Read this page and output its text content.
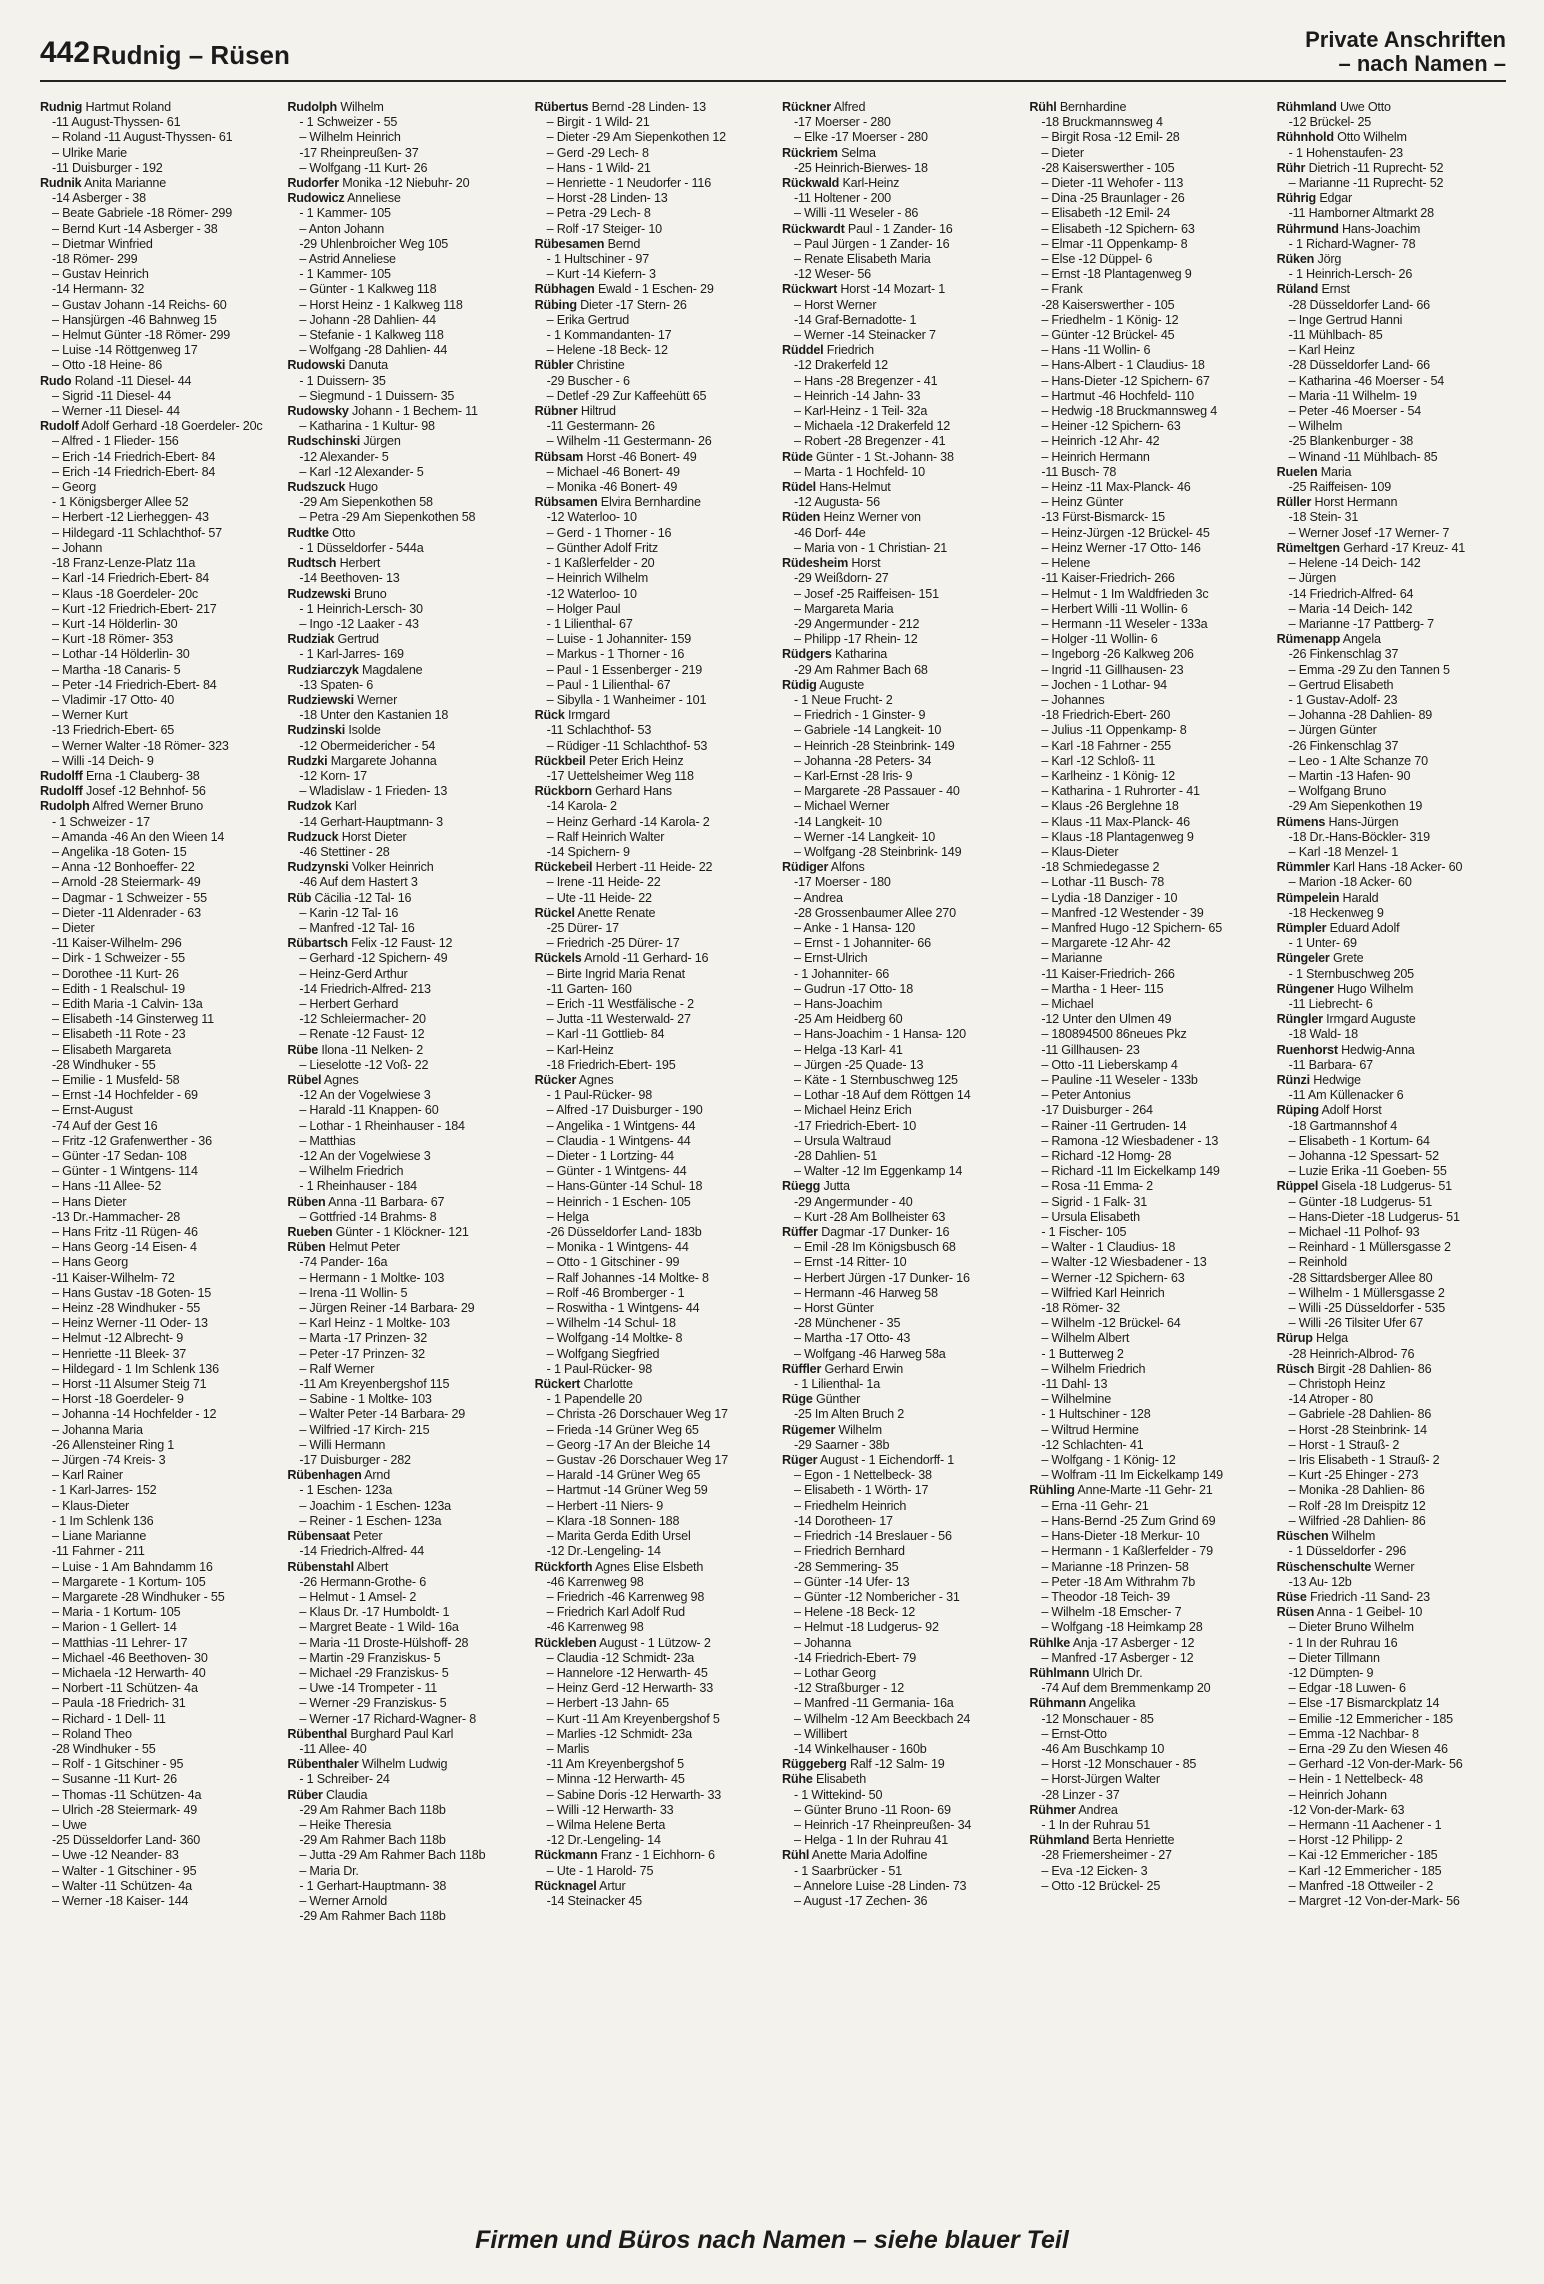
442 Rudnig – Rüsen
Private Anschriften
– nach Namen –
Rudnig Hartmut Roland
-11 August-Thyssen- 61
– Roland -11 August-Thyssen- 61
– Ulrike Marie
-11 Duisburger - 192
Rudnik Anita Marianne
-14 Asberger - 38
– Beate Gabriele -18 Römer- 299
– Bernd Kurt -14 Asberger - 38
– Dietmar Winfried
-18 Römer- 299
– Gustav Heinrich
-14 Hermann- 32
– Gustav Johann -14 Reichs- 60
– Hansjürgen -46 Bahnweg 15
– Helmut Günter -18 Römer- 299
– Luise -14 Röttgenweg 17
– Otto -18 Heine- 86
Rudo Roland -11 Diesel- 44
– Sigrid -11 Diesel- 44
– Werner -11 Diesel- 44
Rudolf Adolf Gerhard -18 Goerdeler- 20c
– Alfred - 1 Flieder- 156
– Erich -14 Friedrich-Ebert- 84
– Erich -14 Friedrich-Ebert- 84
– Georg
- 1 Königsberger Allee 52
– Herbert -12 Lierheggen- 43
– Hildegard -11 Schlachthof- 57
– Johann
-18 Franz-Lenze-Platz 11a
– Karl -14 Friedrich-Ebert- 84
– Klaus -18 Goerdeler- 20c
– Kurt -12 Friedrich-Ebert- 217
– Kurt -14 Hölderlin- 30
– Kurt -18 Römer- 353
– Lothar -14 Hölderlin- 30
– Martha -18 Canaris- 5
– Peter -14 Friedrich-Ebert- 84
– Vladimir -17 Otto- 40
– Werner Kurt
-13 Friedrich-Ebert- 65
– Werner Walter -18 Römer- 323
– Willi -14 Deich- 9
Rudolff Erna -1 Clauberg- 38
Rudolff Josef -12 Behnhof- 56
Rudolph Alfred Werner Bruno
- 1 Schweizer - 17
– Amanda -46 An den Wieen 14
– Angelika -18 Goten- 15
– Anna -12 Bonhoeffer- 22
– Arnold -28 Steiermark- 49
– Dagmar - 1 Schweizer - 55
– Dieter -11 Aldenrader - 63
– Dieter
-11 Kaiser-Wilhelm- 296
– Dirk - 1 Schweizer - 55
– Dorothee -11 Kurt- 26
– Edith - 1 Realschul- 19
– Edith Maria -1 Calvin- 13a
– Elisabeth -14 Ginsterweg 11
– Elisabeth -11 Rote - 23
– Elisabeth Margareta
-28 Windhuker - 55
– Emilie - 1 Musfeld- 58
– Ernst -14 Hochfelder - 69
– Ernst-August
-74 Auf der Gest 16
– Fritz -12 Grafenwerther - 36
– Günter -17 Sedan- 108
– Günter - 1 Wintgens- 114
– Hans -11 Allee- 52
– Hans Dieter
-13 Dr.-Hammacher- 28
– Hans Fritz -11 Rügen- 46
– Hans Georg -14 Eisen- 4
– Hans Georg
-11 Kaiser-Wilhelm- 72
– Hans Gustav -18 Goten- 15
– Heinz -28 Windhuker - 55
– Heinz Werner -11 Oder- 13
– Helmut -12 Albrecht- 9
– Henriette -11 Bleek- 37
– Hildegard - 1 Im Schlenk 136
– Horst -11 Alsumer Steig 71
– Horst -18 Goerdeler- 9
– Johanna -14 Hochfelder - 12
– Johanna Maria
-26 Allensteiner Ring 1
– Jürgen -74 Kreis- 3
– Karl Rainer
- 1 Karl-Jarres- 152
– Klaus-Dieter
- 1 Im Schlenk 136
– Liane Marianne
-11 Fahrner - 211
– Luise - 1 Am Bahndamm 16
– Margarete - 1 Kortum- 105
– Margarete -28 Windhuker - 55
– Maria - 1 Kortum- 105
– Marion - 1 Gellert- 14
– Matthias -11 Lehrer- 17
– Michael -46 Beethoven- 30
– Michaela -12 Herwarth- 40
– Norbert -11 Schützen- 4a
– Paula -18 Friedrich- 31
– Richard - 1 Dell- 11
– Roland Theo
-28 Windhuker - 55
– Rolf - 1 Gitschiner - 95
– Susanne -11 Kurt- 26
– Thomas -11 Schützen- 4a
– Ulrich -28 Steiermark- 49
– Uwe
-25 Düsseldorfer Land- 360
– Uwe -12 Neander- 83
– Walter - 1 Gitschiner - 95
– Walter -11 Schützen- 4a
– Werner -18 Kaiser- 144
Rudolph Wilhelm
- 1 Schweizer - 55
– Wilhelm Heinrich
-17 Rheinpreußen- 37
– Wolfgang -11 Kurt- 26
Rudorfer Monika -12 Niebuhr- 20
Rudowicz Anneliese
- 1 Kammer- 105
– Anton Johann
-29 Uhlenbroicher Weg 105
– Astrid Anneliese
- 1 Kammer- 105
– Günter - 1 Kalkweg 118
– Horst Heinz - 1 Kalkweg 118
– Johann -28 Dahlien- 44
– Stefanie - 1 Kalkweg 118
– Wolfgang -28 Dahlien- 44
Rudowski Danuta
- 1 Duissern- 35
– Siegmund - 1 Duissern- 35
Rudowsky Johann - 1 Bechem- 11
– Katharina - 1 Kultur- 98
Rudschinski Jürgen
-12 Alexander- 5
– Karl -12 Alexander- 5
Rudszuck Hugo
-29 Am Siepenkothen 58
– Petra -29 Am Siepenkothen 58
Rudtke Otto
- 1 Düsseldorfer - 544a
Rudtsch Herbert
-14 Beethoven- 13
Rudzewski Bruno
- 1 Heinrich-Lersch- 30
– Ingo -12 Laaker - 43
Rudziak Gertrud
- 1 Karl-Jarres- 169
Rudziarczyk Magdalene
-13 Spaten- 6
Rudziewski Werner
-18 Unter den Kastanien 18
Rudzinski Isolde
-12 Obermeidericher - 54
Rudzki Margarete Johanna
-12 Korn- 17
– Wladislaw - 1 Frieden- 13
Rudzok Karl
-14 Gerhart-Hauptmann- 3
Rudzuck Horst Dieter
-46 Stettiner - 28
Rudzynski Volker Heinrich
-46 Auf dem Hastert 3
Rüb Cäcilia -12 Tal- 16
– Karin -12 Tal- 16
– Manfred -12 Tal- 16
Rübartsch Felix -12 Faust- 12
– Gerhard -12 Spichern- 49
– Heinz-Gerd Arthur
-14 Friedrich-Alfred- 213
– Herbert Gerhard
-12 Schleiermacher- 20
– Renate -12 Faust- 12
Rübe Ilona -11 Nelken- 2
– Lieselotte -12 Voß- 22
Rübel Agnes
-12 An der Vogelwiese 3
– Harald -11 Knappen- 60
– Lothar - 1 Rheinhauser - 184
– Matthias
-12 An der Vogelwiese 3
– Wilhelm Friedrich
- 1 Rheinhauser - 184
Rüben Anna -11 Barbara- 67
– Gottfried -14 Brahms- 8
Rueben Günter - 1 Klöckner- 121
Rüben Helmut Peter
-74 Pander- 16a
– Hermann - 1 Moltke- 103
– Irena -11 Wollin- 5
– Jürgen Reiner -14 Barbara- 29
– Karl Heinz - 1 Moltke- 103
– Marta -17 Prinzen- 32
– Peter -17 Prinzen- 32
– Ralf Werner
-11 Am Kreyenbergshof 115
– Sabine - 1 Moltke- 103
– Walter Peter -14 Barbara- 29
– Wilfried -17 Kirch- 215
– Willi Hermann
-17 Duisburger - 282
Rübenhagen Arnd
- 1 Eschen- 123a
– Joachim - 1 Eschen- 123a
– Reiner - 1 Eschen- 123a
Rübensaat Peter
-14 Friedrich-Alfred- 44
Rübenstahl Albert
-26 Hermann-Grothe- 6
– Helmut - 1 Amsel- 2
– Klaus Dr. -17 Humboldt- 1
– Margret Beate - 1 Wild- 16a
– Maria -11 Droste-Hülshoff- 28
– Martin -29 Franziskus- 5
– Michael -29 Franziskus- 5
– Uwe -14 Trompeter - 11
– Werner -29 Franziskus- 5
– Werner -17 Richard-Wagner- 8
Rübenthal Burghard Paul Karl
-11 Allee- 40
Rübenthaler Wilhelm Ludwig
- 1 Schreiber- 24
Rüber Claudia
-29 Am Rahmer Bach 118b
– Heike Theresia
-29 Am Rahmer Bach 118b
– Jutta -29 Am Rahmer Bach 118b
– Maria Dr.
- 1 Gerhart-Hauptmann- 38
– Werner Arnold
-29 Am Rahmer Bach 118b
Rübertus Bernd -28 Linden- 13
– Birgit - 1 Wild- 21
– Dieter -29 Am Siepenkothen 12
– Gerd -29 Lech- 8
– Hans - 1 Wild- 21
– Henriette - 1 Neudorfer - 116
– Horst -28 Linden- 13
– Petra -29 Lech- 8
– Rolf -17 Steiger- 10
Rübesamen Bernd
- 1 Hultschiner - 97
– Kurt -14 Kiefern- 3
Rübhagen Ewald - 1 Eschen- 29
Rübing Dieter -17 Stern- 26
– Erika Gertrud
- 1 Kommandanten- 17
– Helene -18 Beck- 12
Rübler Christine
-29 Buscher - 6
– Detlef -29 Zur Kaffeehütt 65
Rübner Hiltrud
-11 Gestermann- 26
– Wilhelm -11 Gestermann- 26
Rübsam Horst -46 Bonert- 49
– Michael -46 Bonert- 49
– Monika -46 Bonert- 49
Rübsamen Elvira Bernhardine
-12 Waterloo- 10
– Gerd - 1 Thorner - 16
– Günther Adolf Fritz
- 1 Kaßlerfelder - 20
– Heinrich Wilhelm
-12 Waterloo- 10
– Holger Paul
- 1 Lilienthal- 67
– Luise - 1 Johanniter- 159
– Markus - 1 Thorner - 16
– Paul - 1 Essenberger - 219
– Paul - 1 Lilienthal- 67
– Sibylla - 1 Wanheimer - 101
Rück Irmgard
-11 Schlachthof- 53
– Rüdiger -11 Schlachthof- 53
Rückbeil Peter Erich Heinz
-17 Uettelsheimer Weg 118
Rückborn Gerhard Hans
-14 Karola- 2
– Heinz Gerhard -14 Karola- 2
– Ralf Heinrich Walter
-14 Spichern- 9
Rückebeil Herbert -11 Heide- 22
– Irene -11 Heide- 22
– Ute -11 Heide- 22
Rückel Anette Renate
-25 Dürer- 17
– Friedrich -25 Dürer- 17
Rückels Arnold -11 Gerhard- 16
– Birte Ingrid Maria Renat
-11 Garten- 160
– Erich -11 Westfälische - 2
– Jutta -11 Westerwald- 27
– Karl -11 Gottlieb- 84
– Karl-Heinz
-18 Friedrich-Ebert- 195
Rücker Agnes
- 1 Paul-Rücker- 98
– Alfred -17 Duisburger - 190
– Angelika - 1 Wintgens- 44
– Claudia - 1 Wintgens- 44
– Dieter - 1 Lortzing- 44
– Günter - 1 Wintgens- 44
– Hans-Günter -14 Schul- 18
– Heinrich - 1 Eschen- 105
– Helga
-26 Düsseldorfer Land- 183b
– Monika - 1 Wintgens- 44
– Otto - 1 Gitschiner - 99
– Ralf Johannes -14 Moltke- 8
– Rolf -46 Bromberger - 1
– Roswitha - 1 Wintgens- 44
– Wilhelm -14 Schul- 18
– Wolfgang -14 Moltke- 8
– Wolfgang Siegfried
- 1 Paul-Rücker- 98
Rückert Charlotte
- 1 Papendelle 20
– Christa -26 Dorschauer Weg 17
– Frieda -14 Grüner Weg 65
– Georg -17 An der Bleiche 14
– Gustav -26 Dorschauer Weg 17
– Harald -14 Grüner Weg 65
– Hartmut -14 Grüner Weg 59
– Herbert -11 Niers- 9
– Klara -18 Sonnen- 188
– Marita Gerda Edith Ursel
-12 Dr.-Lengeling- 14
Rückforth Agnes Elise Elsbeth
-46 Karrenweg 98
– Friedrich -46 Karrenweg 98
– Friedrich Karl Adolf Rud
-46 Karrenweg 98
Rückleben August - 1 Lützow- 2
– Claudia -12 Schmidt- 23a
– Hannelore -12 Herwarth- 45
– Heinz Gerd -12 Herwarth- 33
– Herbert -13 Jahn- 65
– Kurt -11 Am Kreyenbergshof 5
– Marlies -12 Schmidt- 23a
– Marlis
-11 Am Kreyenbergshof 5
– Minna -12 Herwarth- 45
– Sabine Doris -12 Herwarth- 33
– Willi -12 Herwarth- 33
– Wilma Helene Berta
-12 Dr.-Lengeling- 14
Rückmann Franz - 1 Eichhorn- 6
– Ute - 1 Harold- 75
Rücknagel Artur
-14 Steinacker 45
Rückner Alfred
-17 Moerser - 280
– Elke -17 Moerser - 280
Rückriem Selma
-25 Heinrich-Bierwes- 18
Rückwald Karl-Heinz
-11 Holtener - 200
– Willi -11 Weseler - 86
Rückwardt Paul - 1 Zander- 16
– Paul Jürgen - 1 Zander- 16
– Renate Elisabeth Maria
-12 Weser- 56
Rückwart Horst -14 Mozart- 1
– Horst Werner
-14 Graf-Bernadotte- 1
– Werner -14 Steinacker 7
Rüddel Friedrich
-12 Drakerfeld 12
– Hans -28 Bregenzer - 41
– Heinrich -14 Jahn- 33
– Karl-Heinz - 1 Teil- 32a
– Michaela -12 Drakerfeld 12
– Robert -28 Bregenzer - 41
Rüde Günter - 1 St.-Johann- 38
– Marta - 1 Hochfeld- 10
Rüdel Hans-Helmut
-12 Augusta- 56
Rüden Heinz Werner von
-46 Dorf- 44e
– Maria von - 1 Christian- 21
Rüdesheim Horst
-29 Weißdorn- 27
– Josef -25 Raiffeisen- 151
– Margareta Maria
-29 Angermunder - 212
– Philipp -17 Rhein- 12
Rüdgers Katharina
-29 Am Rahmer Bach 68
Rüdig Auguste
- 1 Neue Frucht- 2
– Friedrich - 1 Ginster- 9
– Gabriele -14 Langkeit- 10
– Heinrich -28 Steinbrink- 149
– Johanna -28 Peters- 34
– Karl-Ernst -28 Iris- 9
– Margarete -28 Passauer - 40
– Michael Werner
-14 Langkeit- 10
– Werner -14 Langkeit- 10
– Wolfgang -28 Steinbrink- 149
Rüdiger Alfons
-17 Moerser - 180
– Andrea
-28 Grossenbaumer Allee 270
– Anke - 1 Hansa- 120
– Ernst - 1 Johanniter- 66
– Ernst-Ulrich
- 1 Johanniter- 66
– Gudrun -17 Otto- 18
– Hans-Joachim
-25 Am Heidberg 60
– Hans-Joachim - 1 Hansa- 120
– Helga -13 Karl- 41
– Jürgen -25 Quade- 13
– Käte - 1 Sternbuschweg 125
– Lothar -18 Auf dem Röttgen 14
– Michael Heinz Erich
-17 Friedrich-Ebert- 10
– Ursula Waltraud
-28 Dahlien- 51
– Walter -12 Im Eggenkamp 14
Rüegg Jutta
-29 Angermunder - 40
– Kurt -28 Am Bollheister 63
Rüffer Dagmar -17 Dunker- 16
– Emil -28 Im Königsbusch 68
– Ernst -14 Ritter- 10
– Herbert Jürgen -17 Dunker- 16
– Hermann -46 Harweg 58
– Horst Günter
-28 Münchener - 35
– Martha -17 Otto- 43
– Wolfgang -46 Harweg 58a
Rüffler Gerhard Erwin
- 1 Lilienthal- 1a
Rüge Günther
-25 Im Alten Bruch 2
Rügemer Wilhelm
-29 Saarner - 38b
Rüger August - 1 Eichendorff- 1
– Egon - 1 Nettelbeck- 38
– Elisabeth - 1 Wörth- 17
– Friedhelm Heinrich
-14 Dorotheen- 17
– Friedrich -14 Breslauer - 56
– Friedrich Bernhard
-28 Semmering- 35
– Günter -14 Ufer- 13
– Günter -12 Nombericher - 31
– Helene -18 Beck- 12
– Helmut -18 Ludgerus- 92
– Johanna
-14 Friedrich-Ebert- 79
– Lothar Georg
-12 Straßburger - 12
– Manfred -11 Germania- 16a
– Wilhelm -12 Am Beeckbach 24
– Willibert
-14 Winkelhauser - 160b
Rüggeberg Ralf -12 Salm- 19
Rühe Elisabeth
- 1 Wittekind- 50
– Günter Bruno -11 Roon- 69
– Heinrich -17 Rheinpreußen- 34
– Helga - 1 In der Ruhrau 41
Rühl Anette Maria Adolfine
- 1 Saarbrücker - 51
– Annelore Luise -28 Linden- 73
– August -17 Zechen- 36
Rühl Bernhardine
-18 Bruckmannsweg 4
– Birgit Rosa -12 Emil- 28
– Dieter
-28 Kaiserswerther - 105
– Dieter -11 Wehofer - 113
– Dina -25 Braunlager - 26
– Elisabeth -12 Emil- 24
– Elisabeth -12 Spichern- 63
– Elmar -11 Oppenkamp- 8
– Else -12 Düppel- 6
– Ernst -18 Plantagenweg 9
– Frank
-28 Kaiserswerther - 105
– Friedhelm - 1 König- 12
– Günter -12 Brückel- 45
– Hans -11 Wollin- 6
– Hans-Albert - 1 Claudius- 18
– Hans-Dieter -12 Spichern- 67
– Hartmut -46 Hochfeld- 110
– Hedwig -18 Bruckmannsweg 4
– Heiner -12 Spichern- 63
– Heinrich -12 Ahr- 42
– Heinrich Hermann
-11 Busch- 78
– Heinz -11 Max-Planck- 46
– Heinz Günter
-13 Fürst-Bismarck- 15
– Heinz-Jürgen -12 Brückel- 45
– Heinz Werner -17 Otto- 146
– Helene
-11 Kaiser-Friedrich- 266
– Helmut - 1 Im Waldfrieden 3c
– Herbert Willi -11 Wollin- 6
– Hermann -11 Weseler - 133a
– Holger -11 Wollin- 6
– Ingeborg -26 Kalkweg 206
– Ingrid -11 Gillhausen- 23
– Jochen - 1 Lothar- 94
– Johannes
-18 Friedrich-Ebert- 260
– Julius -11 Oppenkamp- 8
– Karl -18 Fahrner - 255
– Karl -12 Schloß- 11
– Karlheinz - 1 König- 12
– Katharina - 1 Ruhrorter - 41
– Klaus -26 Berglehne 18
– Klaus -11 Max-Planck- 46
– Klaus -18 Plantagenweg 9
– Klaus-Dieter
-18 Schmiedegasse 2
– Lothar -11 Busch- 78
– Lydia -18 Danziger - 10
– Manfred -12 Westender - 39
– Manfred Hugo -12 Spichern- 65
– Margarete -12 Ahr- 42
– Marianne
-11 Kaiser-Friedrich- 266
– Martha - 1 Heer- 115
– Michael
-12 Unter den Ulmen 49
– 180894500 86neues Pkz
-11 Gillhausen- 23
– Otto -11 Lieberskamp 4
– Pauline -11 Weseler - 133b
– Peter Antonius
-17 Duisburger - 264
– Rainer -11 Gertruden- 14
– Ramona -12 Wiesbadener - 13
– Richard -12 Homg- 28
– Richard -11 Im Eickelkamp 149
– Rosa -11 Emma- 2
– Sigrid - 1 Falk- 31
– Ursula Elisabeth
- 1 Fischer- 105
– Walter - 1 Claudius- 18
– Walter -12 Wiesbadener - 13
– Werner -12 Spichern- 63
– Wilfried Karl Heinrich
-18 Römer- 32
– Wilhelm -12 Brückel- 64
– Wilhelm Albert
- 1 Butterweg 2
– Wilhelm Friedrich
-11 Dahl- 13
– Wilhelmine
- 1 Hultschiner - 128
– Wiltrud Hermine
-12 Schlachten- 41
– Wolfgang - 1 König- 12
– Wolfram -11 Im Eickelkamp 149
Rühling Anne-Marte -11 Gehr- 21
– Erna -11 Gehr- 21
– Hans-Bernd -25 Zum Grind 69
– Hans-Dieter -18 Merkur- 10
– Hermann - 1 Kaßlerfelder - 79
– Marianne -18 Prinzen- 58
– Peter -18 Am Withrahm 7b
– Theodor -18 Teich- 39
– Wilhelm -18 Emscher- 7
– Wolfgang -18 Heimkamp 28
Rühlke Anja -17 Asberger - 12
– Manfred -17 Asberger - 12
Rühlmann Ulrich Dr.
-74 Auf dem Bremmenkamp 20
Rühmann Angelika
-12 Monschauer - 85
– Ernst-Otto
-46 Am Buschkamp 10
– Horst -12 Monschauer - 85
– Horst-Jürgen Walter
-28 Linzer - 37
Rühmer Andrea
- 1 In der Ruhrau 51
Rühmland Berta Henriette
-28 Friemersheimer - 27
– Eva -12 Eicken- 3
– Otto -12 Brückel- 25
Rühmland Uwe Otto
-12 Brückel- 25
Rühnhold Otto Wilhelm
- 1 Hohenstaufen- 23
Rühr Dietrich -11 Ruprecht- 52
– Marianne -11 Ruprecht- 52
Rührig Edgar
-11 Hamborner Altmarkt 28
Rührmund Hans-Joachim
- 1 Richard-Wagner- 78
Rüken Jörg
- 1 Heinrich-Lersch- 26
Rüland Ernst
-28 Düsseldorfer Land- 66
– Inge Gertrud Hanni
-11 Mühlbach- 85
– Karl Heinz
-28 Düsseldorfer Land- 66
– Katharina -46 Moerser - 54
– Maria -11 Wilhelm- 19
– Peter -46 Moerser - 54
– Wilhelm
-25 Blankenburger - 38
– Winand -11 Mühlbach- 85
Ruelen Maria
-25 Raiffeisen- 109
Rüller Horst Hermann
-18 Stein- 31
– Werner Josef -17 Werner- 7
Rümeltgen Gerhard -17 Kreuz- 41
– Helene -14 Deich- 142
– Jürgen
-14 Friedrich-Alfred- 64
– Maria -14 Deich- 142
– Marianne -17 Pattberg- 7
Rümenapp Angela
-26 Finkenschlag 37
– Emma -29 Zu den Tannen 5
– Gertrud Elisabeth
- 1 Gustav-Adolf- 23
– Johanna -28 Dahlien- 89
– Jürgen Günter
-26 Finkenschlag 37
– Leo - 1 Alte Schanze 70
– Martin -13 Hafen- 90
– Wolfgang Bruno
-29 Am Siepenkothen 19
Rümens Hans-Jürgen
-18 Dr.-Hans-Böckler- 319
– Karl -18 Menzel- 1
Rümmler Karl Hans -18 Acker- 60
– Marion -18 Acker- 60
Rümpelein Harald
-18 Heckenweg 9
Rümpler Eduard Adolf
- 1 Unter- 69
Rüngeler Grete
- 1 Sternbuschweg 205
Rüngener Hugo Wilhelm
-11 Liebrecht- 6
Rüngler Irmgard Auguste
-18 Wald- 18
Ruenhorst Hedwig-Anna
-11 Barbara- 67
Rünzi Hedwige
-11 Am Küllenacker 6
Rüping Adolf Horst
-18 Gartmannshof 4
– Elisabeth - 1 Kortum- 64
– Johanna -12 Spessart- 52
– Luzie Erika -11 Goeben- 55
Rüppel Gisela -18 Ludgerus- 51
– Günter -18 Ludgerus- 51
– Hans-Dieter -18 Ludgerus- 51
– Michael -11 Polhof- 93
– Reinhard - 1 Müllersgasse 2
– Reinhold
-28 Sittardsberger Allee 80
– Wilhelm - 1 Müllersgasse 2
– Willi -25 Düsseldorfer - 535
– Willi -26 Tilsiter Ufer 67
Rürup Helga
-28 Heinrich-Albrod- 76
Rüsch Birgit -28 Dahlien- 86
– Christoph Heinz
-14 Atroper - 80
– Gabriele -28 Dahlien- 86
– Horst -28 Steinbrink- 14
– Horst - 1 Strauß- 2
– Iris Elisabeth - 1 Strauß- 2
– Kurt -25 Ehinger - 273
– Monika -28 Dahlien- 86
– Rolf -28 Im Dreispitz 12
– Wilfried -28 Dahlien- 86
Rüschen Wilhelm
- 1 Düsseldorfer - 296
Rüschenschulte Werner
-13 Au- 12b
Rüse Friedrich -11 Sand- 23
Rüsen Anna - 1 Geibel- 10
– Dieter Bruno Wilhelm
- 1 In der Ruhrau 16
– Dieter Tillmann
-12 Dümpten- 9
– Edgar -18 Luwen- 6
– Else -17 Bismarckplatz 14
– Emilie -12 Emmericher - 185
– Emma -12 Nachbar- 8
– Erna -29 Zu den Wiesen 46
– Gerhard -12 Von-der-Mark- 56
– Hein - 1 Nettelbeck- 48
– Heinrich Johann
-12 Von-der-Mark- 63
– Hermann -11 Aachener - 1
– Horst -12 Philipp- 2
– Kai -12 Emmericher - 185
– Karl -12 Emmericher - 185
– Manfred -18 Ottweiler - 2
– Margret -12 Von-der-Mark- 56
Firmen und Büros nach Namen – siehe blauer Teil
